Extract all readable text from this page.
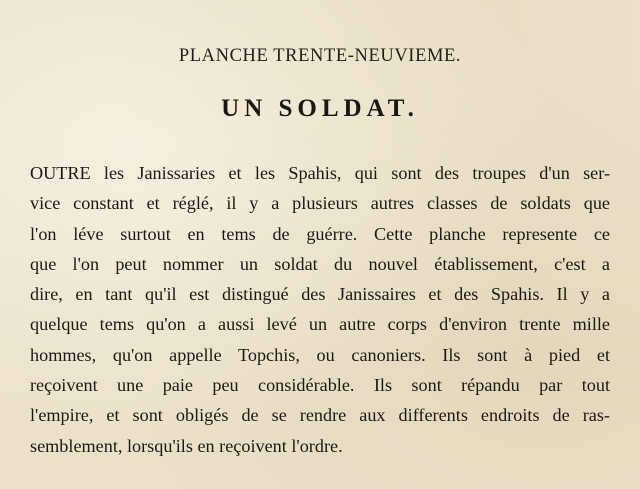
PLANCHE TRENTE-NEUVIEME.
UN SOLDAT.
OUTRE les Janissaries et les Spahis, qui sont des troupes d'un ser-
vice constant et réglé, il y a plusieurs autres classes de soldats que
l'on léve surtout en tems de guérre. Cette planche represente ce
que l'on peut nommer un soldat du nouvel établissement, c'est a
dire, en tant qu'il est distingué des Janissaires et des Spahis. Il y a
quelque tems qu'on a aussi levé un autre corps d'environ trente mille
hommes, qu'on appelle Topchis, ou canoniers. Ils sont à pied et
reçoivent une paie peu considérable. Ils sont répandu par tout
l'empire, et sont obligés de se rendre aux differents endroits de ras-
semblement, lorsqu'ils en reçoivent l'ordre.
